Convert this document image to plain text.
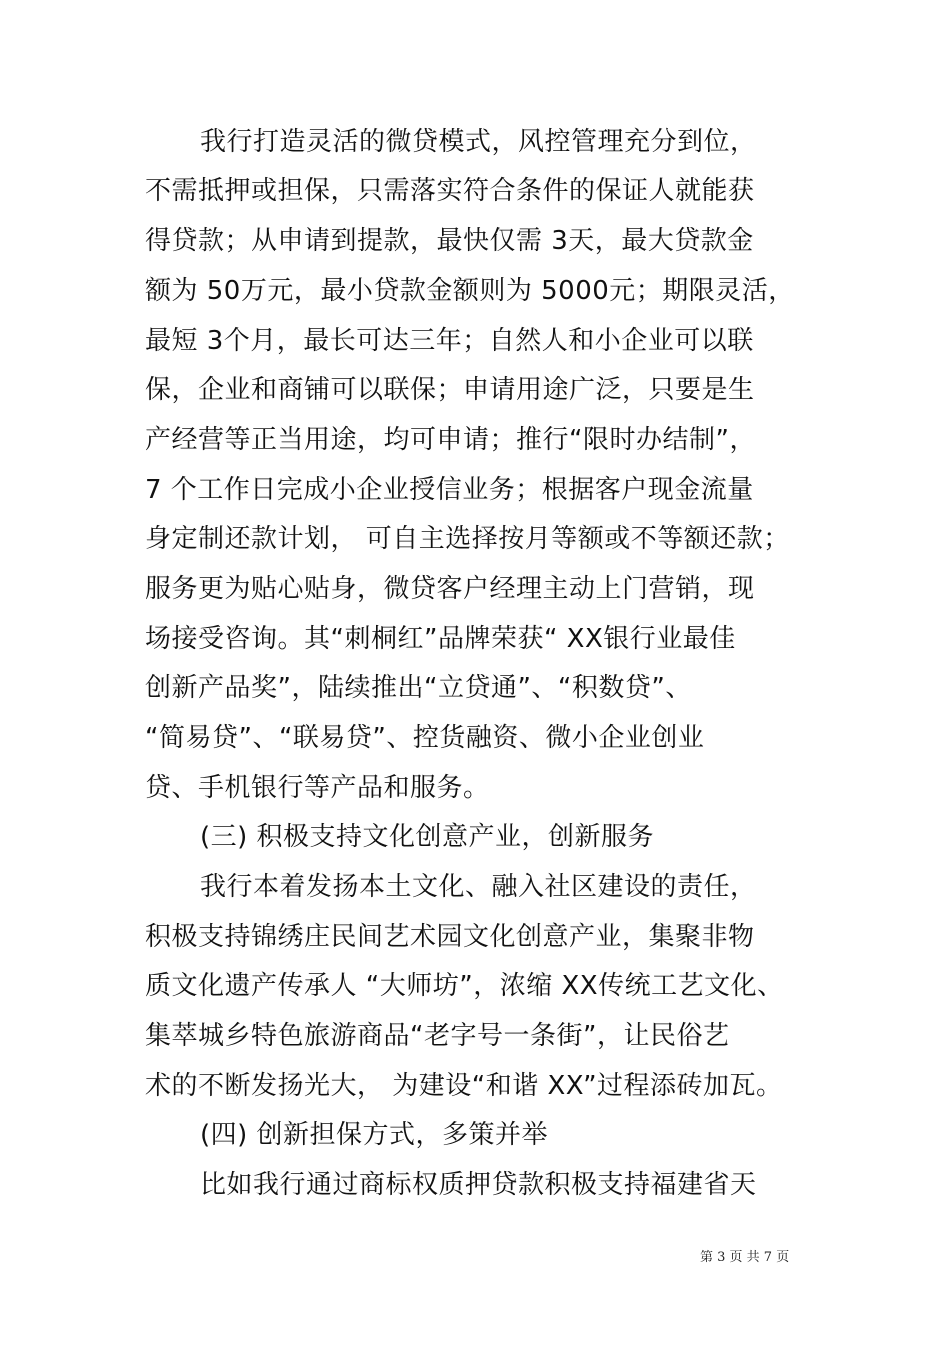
我行打造灵活的微贷模式，风控管理充分到位，
不需抵押或担保，只需落实符合条件的保证人就能获
得贷款；从申请到提款，最快仅需 3天，最大贷款金
额为 50万元，最小贷款金额则为 5000元；期限灵活，
最短 3个月，最长可达三年；自然人和小企业可以联
保，企业和商铺可以联保；申请用途广泛，只要是生
产经营等正当用途，均可申请；推行“限时办结制”，
7 个工作日完成小企业授信业务；根据客户现金流量
身定制还款计划， 可自主选择按月等额或不等额还款；
服务更为贴心贴身，微贷客户经理主动上门营销，现
场接受咨询。其“刺桐红”品牌荣获“ XX银行业最佳
创新产品奖”，陆续推出“立贷通”、“积数贷”、
“简易贷”、“联易贷”、控货融资、微小企业创业
贷、手机银行等产品和服务。
(三) 积极支持文化创意产业，创新服务
我行本着发扬本土文化、融入社区建设的责任，
积极支持锦绣庄民间艺术园文化创意产业，集聚非物
质文化遗产传承人 “大师坊”，浓缩 XX传统工艺文化、
集萃城乡特色旅游商品“老字号一条街”，让民俗艺
术的不断发扬光大， 为建设“和谐 XX”过程添砖加瓦。
(四) 创新担保方式，多策并举
比如我行通过商标权质押贷款积极支持福建省天
第 3 页 共 7 页
